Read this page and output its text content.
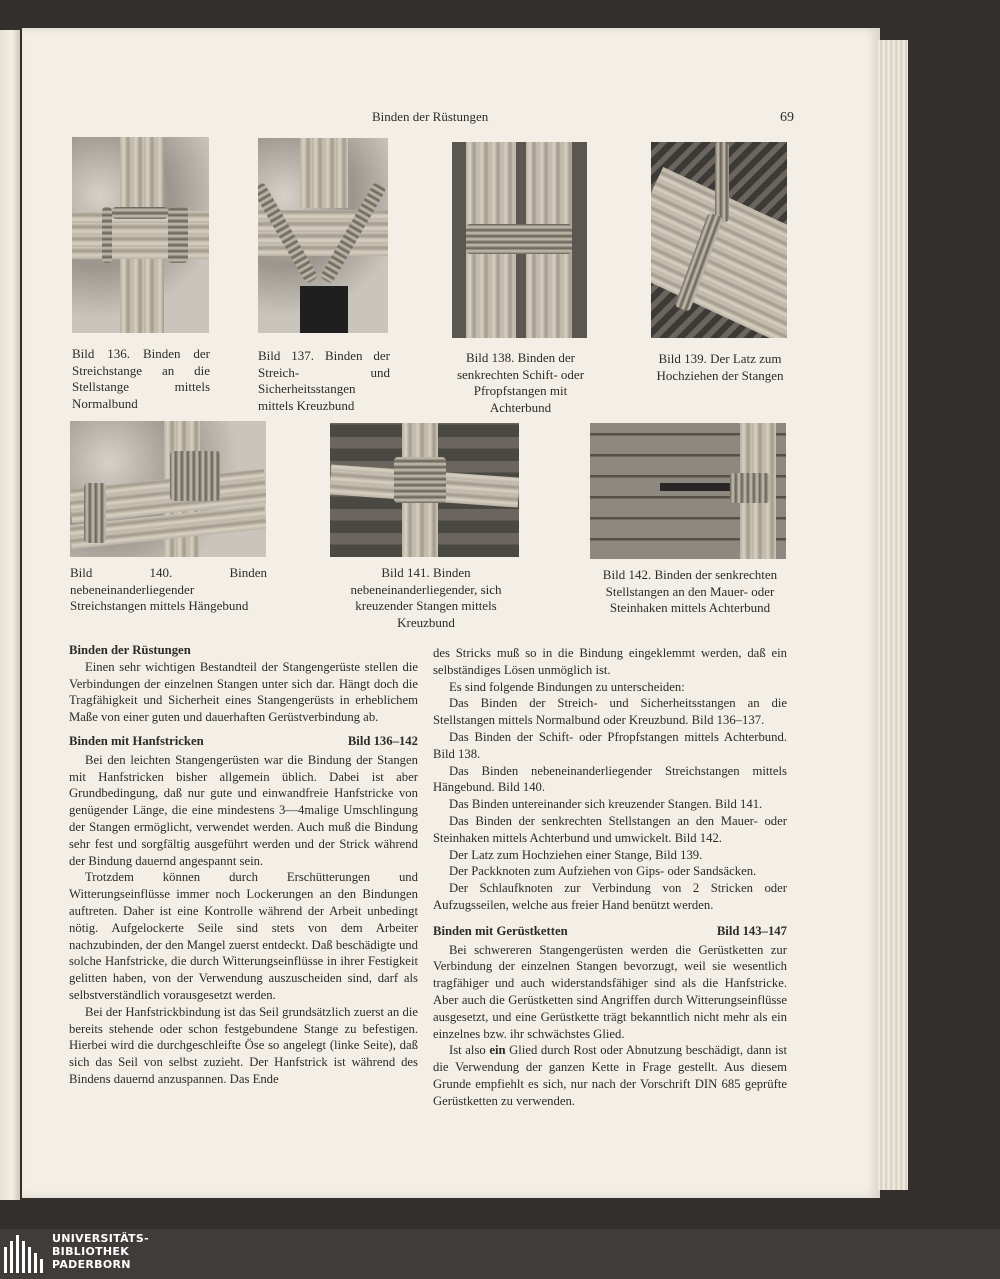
Binden der Rüstungen	69
Bild 136. Binden der Streichstange an die Stellstange mittels Normalbund
Bild 137. Binden der Streich- und Sicherheitsstangen mittels Kreuzbund
Bild 138. Binden der senkrechten Schift- oder Pfropfstangen mit Achterbund
Bild 139. Der Latz zum Hochziehen der Stangen
Bild 140. Binden nebeneinanderliegender Streichstangen mittels Hängebund
Bild 141. Binden nebeneinanderliegender, sich kreuzender Stangen mittels Kreuzbund
Bild 142. Binden der senkrechten Stellstangen an den Mauer- oder Steinhaken mittels Achterbund

Binden der Rüstungen

Einen sehr wichtigen Bestandteil der Stangengerüste stellen die Verbindungen der einzelnen Stangen unter sich dar. Hängt doch die Tragfähigkeit und Sicherheit eines Stangengerüsts in erheblichem Maße von einer guten und dauerhaften Gerüstverbindung ab.

Binden mit Hanfstricken	Bild 136–142

Bei den leichten Stangengerüsten war die Bindung der Stangen mit Hanfstricken bisher allgemein üblich. Dabei ist aber Grundbedingung, daß nur gute und einwandfreie Hanfstricke von genügender Länge, die eine mindestens 3—4malige Umschlingung der Stangen ermöglicht, verwendet werden. Auch muß die Bindung sehr fest und sorgfältig ausgeführt werden und der Strick während der Bindung dauernd angespannt sein.

Trotzdem können durch Erschütterungen und Witterungseinflüsse immer noch Lockerungen an den Bindungen auftreten. Daher ist eine Kontrolle während der Arbeit unbedingt nötig. Aufgelockerte Seile sind stets von dem Arbeiter nachzubinden, der den Mangel zuerst entdeckt. Daß beschädigte und solche Hanfstricke, die durch Witterungseinflüsse in ihrer Festigkeit gelitten haben, von der Verwendung auszuscheiden sind, darf als selbstverständlich vorausgesetzt werden.

Bei der Hanfstrickbindung ist das Seil grundsätzlich zuerst an die bereits stehende oder schon festgebundene Stange zu befestigen. Hierbei wird die durchgeschleifte Öse so angelegt (linke Seite), daß sich das Seil von selbst zuzieht. Der Hanfstrick ist während des Bindens dauernd anzuspannen. Das Ende

des Stricks muß so in die Bindung eingeklemmt werden, daß ein selbständiges Lösen unmöglich ist.

Es sind folgende Bindungen zu unterscheiden:

Das Binden der Streich- und Sicherheitsstangen an die Stellstangen mittels Normalbund oder Kreuzbund. Bild 136–137.

Das Binden der Schift- oder Pfropfstangen mittels Achterbund. Bild 138.

Das Binden nebeneinanderliegender Streichstangen mittels Hängebund. Bild 140.

Das Binden untereinander sich kreuzender Stangen. Bild 141.

Das Binden der senkrechten Stellstangen an den Mauer- oder Steinhaken mittels Achterbund und umwickelt. Bild 142.

Der Latz zum Hochziehen einer Stange, Bild 139.

Der Packknoten zum Aufziehen von Gips- oder Sandsäcken.

Der Schlaufknoten zur Verbindung von 2 Stricken oder Aufzugsseilen, welche aus freier Hand benützt werden.

Binden mit Gerüstketten	Bild 143–147

Bei schwereren Stangengerüsten werden die Gerüstketten zur Verbindung der einzelnen Stangen bevorzugt, weil sie wesentlich tragfähiger und auch widerstandsfähiger sind als die Hanfstricke. Aber auch die Gerüstketten sind Angriffen durch Witterungseinflüsse ausgesetzt, und eine Gerüstkette trägt bekanntlich nicht mehr als ein einzelnes bzw. ihr schwächstes Glied.

Ist also ein Glied durch Rost oder Abnutzung beschädigt, dann ist die Verwendung der ganzen Kette in Frage gestellt. Aus diesem Grunde empfiehlt es sich, nur nach der Vorschrift DIN 685 geprüfte Gerüstketten zu verwenden.

UNIVERSITÄTS-
BIBLIOTHEK
PADERBORN
